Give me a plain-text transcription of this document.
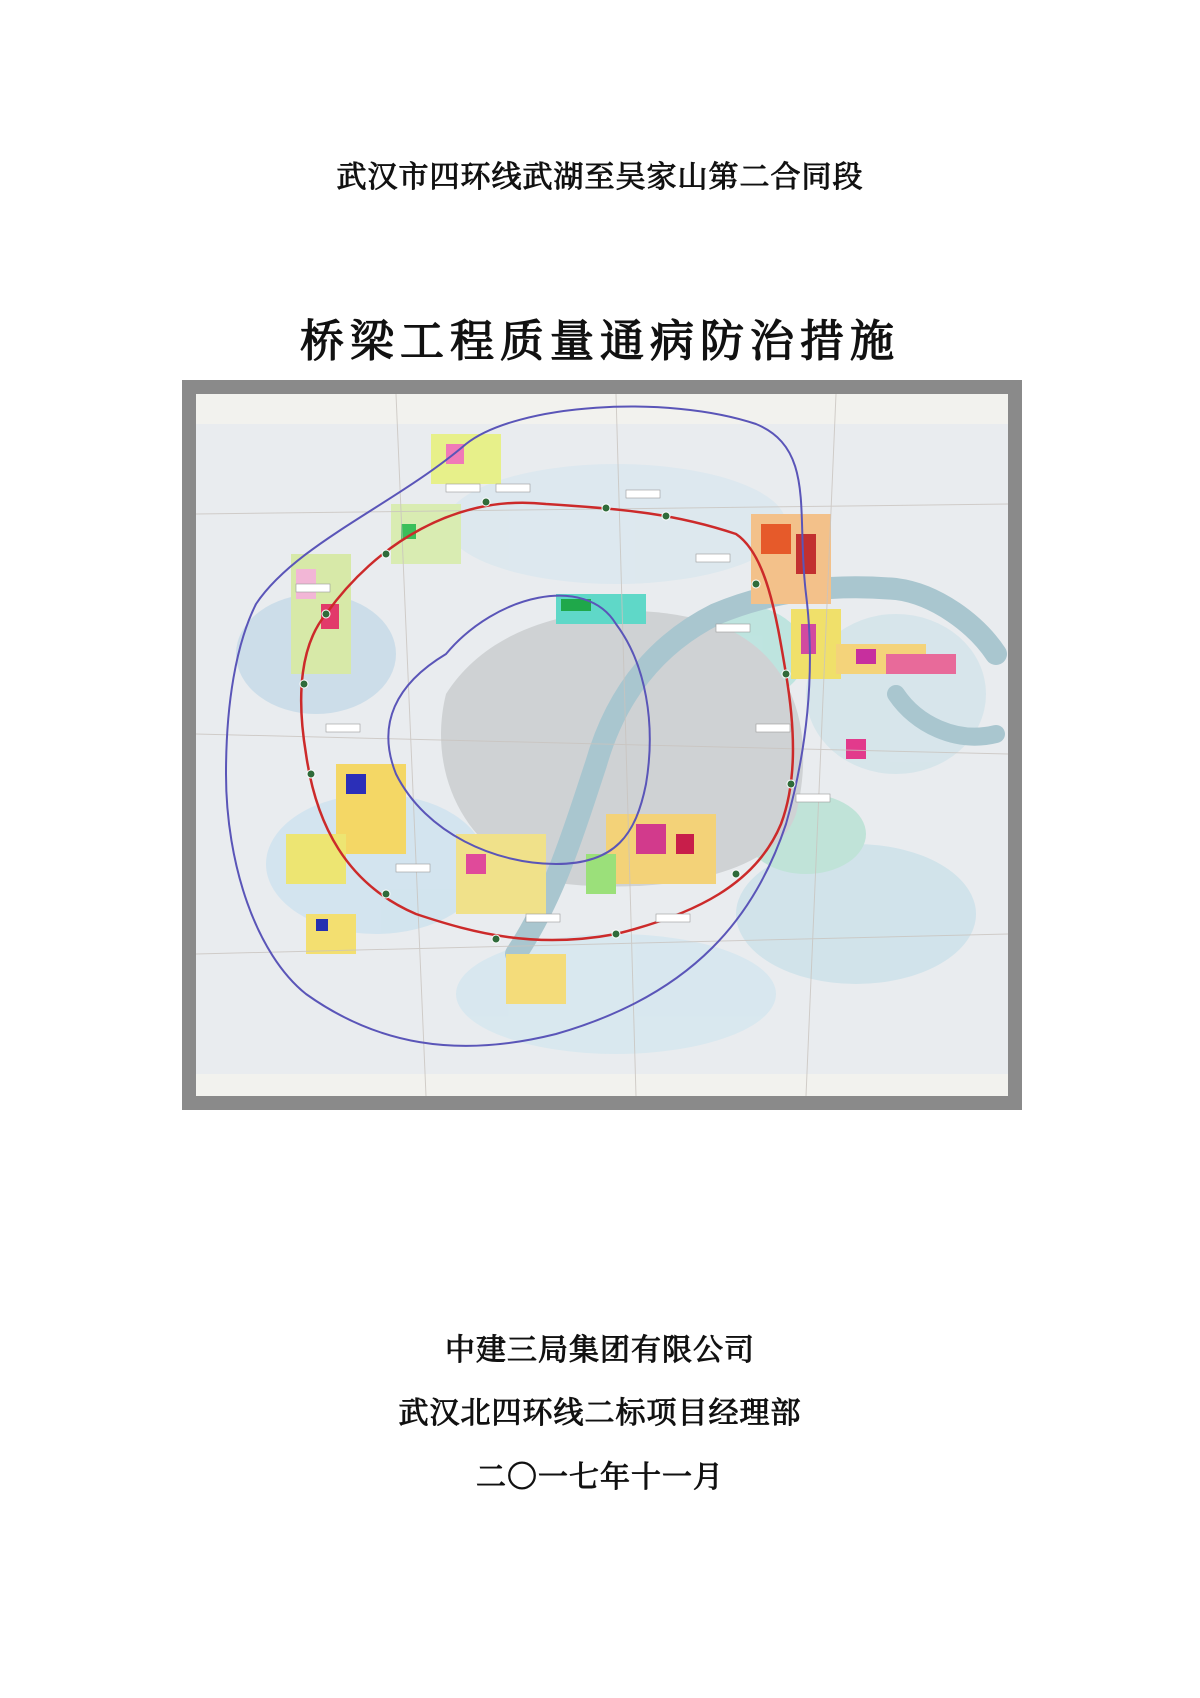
武汉市四环线武湖至吴家山第二合同段
桥梁工程质量通病防治措施
中建三局集团有限公司
武汉北四环线二标项目经理部
二〇一七年十一月
